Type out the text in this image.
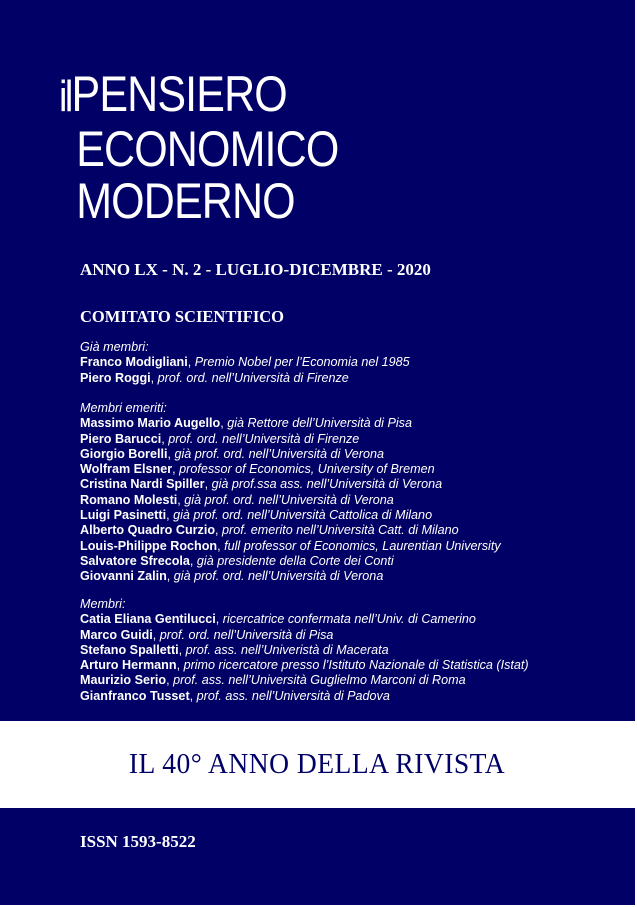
ilPENSIERO
ECONOMICO
MODERNO
ANNO LX - N. 2 - LUGLIO-DICEMBRE - 2020
COMITATO SCIENTIFICO
Già membri:
Franco Modigliani, Premio Nobel per l’Economia nel 1985
Piero Roggi, prof. ord. nell’Università di Firenze
Membri emeriti:
Massimo Mario Augello, già Rettore dell’Università di Pisa
Piero Barucci, prof. ord. nell’Università di Firenze
Giorgio Borelli, già prof. ord. nell’Università di Verona
Wolfram Elsner, professor of Economics, University of Bremen
Cristina Nardi Spiller, già prof.ssa ass. nell’Università di Verona
Romano Molesti, già prof. ord. nell’Università di Verona
Luigi Pasinetti, già prof. ord. nell’Università Cattolica di Milano
Alberto Quadro Curzio, prof. emerito nell’Università Catt. di Milano
Louis-Philippe Rochon, full professor of Economics, Laurentian University
Salvatore Sfrecola, già presidente della Corte dei Conti
Giovanni Zalin, già prof. ord. nell’Università di Verona
Membri:
Catia Eliana Gentilucci, ricercatrice confermata nell’Univ. di Camerino
Marco Guidi, prof. ord. nell’Università di Pisa
Stefano Spalletti, prof. ass. nell’Univeristà di Macerata
Arturo Hermann, primo ricercatore presso l’Istituto Nazionale di Statistica (Istat)
Maurizio Serio, prof. ass. nell’Università Guglielmo Marconi di Roma
Gianfranco Tusset, prof. ass. nell’Università di Padova
IL 40° ANNO DELLA RIVISTA
ISSN 1593-8522
